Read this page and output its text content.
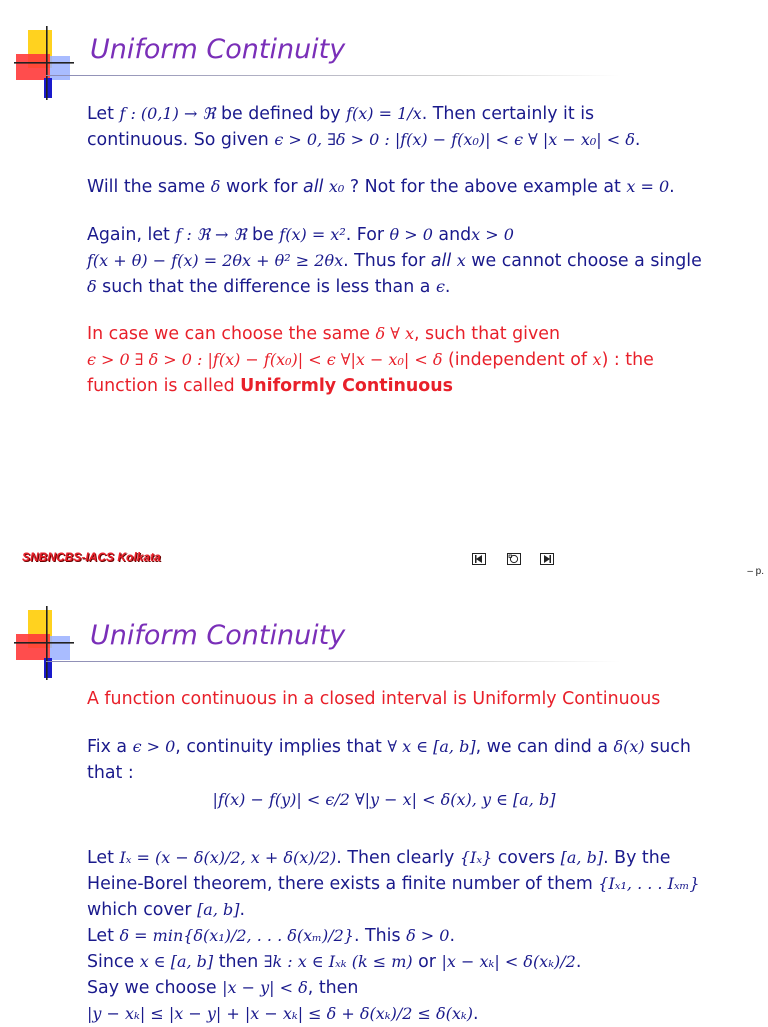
Uniform Continuity
Let f : (0,1) → ℜ be defined by f(x) = 1/x. Then certainly it is
continuous. So given ϵ > 0, ∃δ > 0 : |f(x) − f(x₀)| < ϵ ∀ |x − x₀| < δ.
Will the same δ work for all x₀ ? Not for the above example at x = 0.
Again, let f : ℜ → ℜ be f(x) = x². For θ > 0 andx > 0
f(x + θ) − f(x) = 2θx + θ² ≥ 2θx. Thus for all x we cannot choose a single
δ such that the difference is less than a ϵ.
In case we can choose the same δ ∀ x, such that given
ϵ > 0 ∃ δ > 0 : |f(x) − f(x₀)| < ϵ ∀|x − x₀| < δ (independent of x) : the
function is called Uniformly Continuous
SNBNCBS-IACS Kolkata
– p.
Uniform Continuity
A function continuous in a closed interval is Uniformly Continuous
Fix a ϵ > 0, continuity implies that ∀ x ∈ [a, b], we can dind a δ(x) such
that :
|f(x) − f(y)| < ϵ/2 ∀|y − x| < δ(x), y ∈ [a, b]
Let Iₓ = (x − δ(x)/2, x + δ(x)/2). Then clearly {Iₓ} covers [a, b]. By the
Heine-Borel theorem, there exists a finite number of them {Iₓ₁, . . . Iₓₘ}
which cover [a, b].
Let δ = min{δ(x₁)/2, . . . δ(xₘ)/2}. This δ > 0.
Since x ∈ [a, b] then ∃k : x ∈ Iₓₖ (k ≤ m) or |x − xₖ| < δ(xₖ)/2.
Say we choose |x − y| < δ, then
|y − xₖ| ≤ |x − y| + |x − xₖ| ≤ δ + δ(xₖ)/2 ≤ δ(xₖ).
